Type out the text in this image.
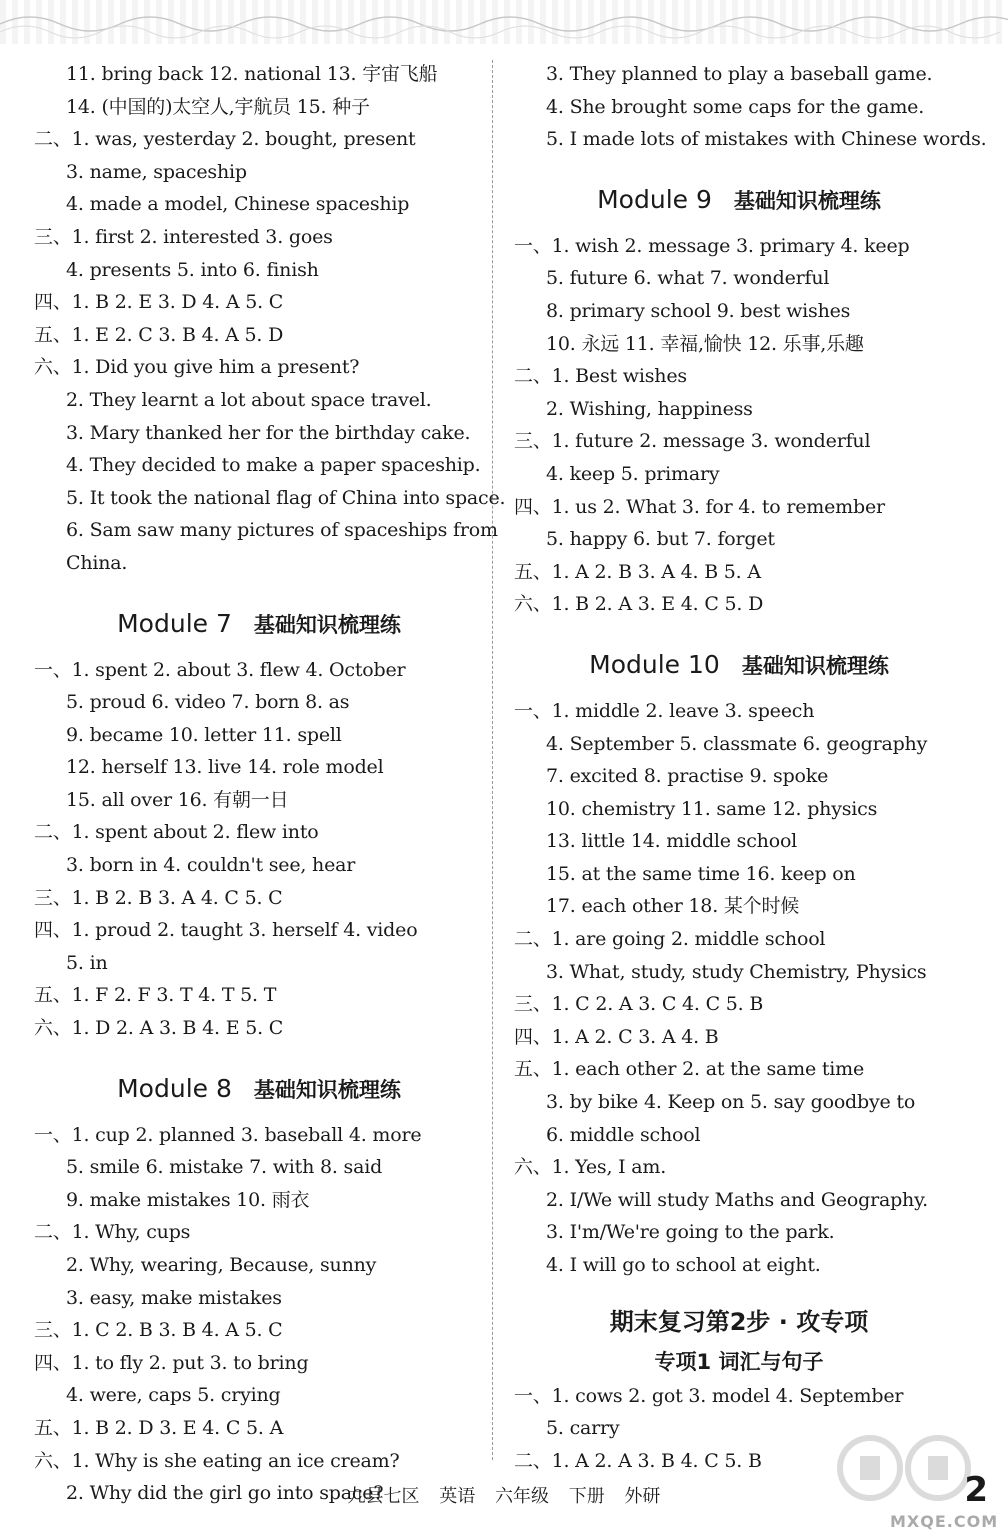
11. bring back 12. national 13. 宇宙飞船
14. (中国的)太空人,宇航员 15. 种子
二、1. was, yesterday 2. bought, present
3. name, spaceship
4. made a model, Chinese spaceship
三、1. first 2. interested 3. goes
4. presents 5. into 6. finish
四、1. B 2. E 3. D 4. A 5. C
五、1. E 2. C 3. B 4. A 5. D
六、1. Did you give him a present?
2. They learnt a lot about space travel.
3. Mary thanked her for the birthday cake.
4. They decided to make a paper spaceship.
5. It took the national flag of China into space.
6. Sam saw many pictures of spaceships from
China.
Module 7 基础知识梳理练
一、1. spent 2. about 3. flew 4. October
5. proud 6. video 7. born 8. as
9. became 10. letter 11. spell
12. herself 13. live 14. role model
15. all over 16. 有朝一日
二、1. spent about 2. flew into
3. born in 4. couldn't see, hear
三、1. B 2. B 3. A 4. C 5. C
四、1. proud 2. taught 3. herself 4. video
5. in
五、1. F 2. F 3. T 4. T 5. T
六、1. D 2. A 3. B 4. E 5. C
Module 8 基础知识梳理练
一、1. cup 2. planned 3. baseball 4. more
5. smile 6. mistake 7. with 8. said
9. make mistakes 10. 雨衣
二、1. Why, cups
2. Why, wearing, Because, sunny
3. easy, make mistakes
三、1. C 2. B 3. B 4. A 5. C
四、1. to fly 2. put 3. to bring
4. were, caps 5. crying
五、1. B 2. D 3. E 4. C 5. A
六、1. Why is she eating an ice cream?
2. Why did the girl go into space?
3. They planned to play a baseball game.
4. She brought some caps for the game.
5. I made lots of mistakes with Chinese words.
Module 9 基础知识梳理练
一、1. wish 2. message 3. primary 4. keep
5. future 6. what 7. wonderful
8. primary school 9. best wishes
10. 永远 11. 幸福,愉快 12. 乐事,乐趣
二、1. Best wishes
2. Wishing, happiness
三、1. future 2. message 3. wonderful
4. keep 5. primary
四、1. us 2. What 3. for 4. to remember
5. happy 6. but 7. forget
五、1. A 2. B 3. A 4. B 5. A
六、1. B 2. A 3. E 4. C 5. D
Module 10 基础知识梳理练
一、1. middle 2. leave 3. speech
4. September 5. classmate 6. geography
7. excited 8. practise 9. spoke
10. chemistry 11. same 12. physics
13. little 14. middle school
15. at the same time 16. keep on
17. each other 18. 某个时候
二、1. are going 2. middle school
3. What, study, study Chemistry, Physics
三、1. C 2. A 3. C 4. C 5. B
四、1. A 2. C 3. A 4. B
五、1. each other 2. at the same time
3. by bike 4. Keep on 5. say goodbye to
6. middle school
六、1. Yes, I am.
2. I/We will study Maths and Geography.
3. I'm/We're going to the park.
4. I will go to school at eight.
期末复习第2步 · 攻专项
专项1 词汇与句子
一、1. cows 2. got 3. model 4. September
5. carry
二、1. A 2. A 3. B 4. C 5. B
MXQE.COM
九县七区 英语 六年级 下册 外研	2
